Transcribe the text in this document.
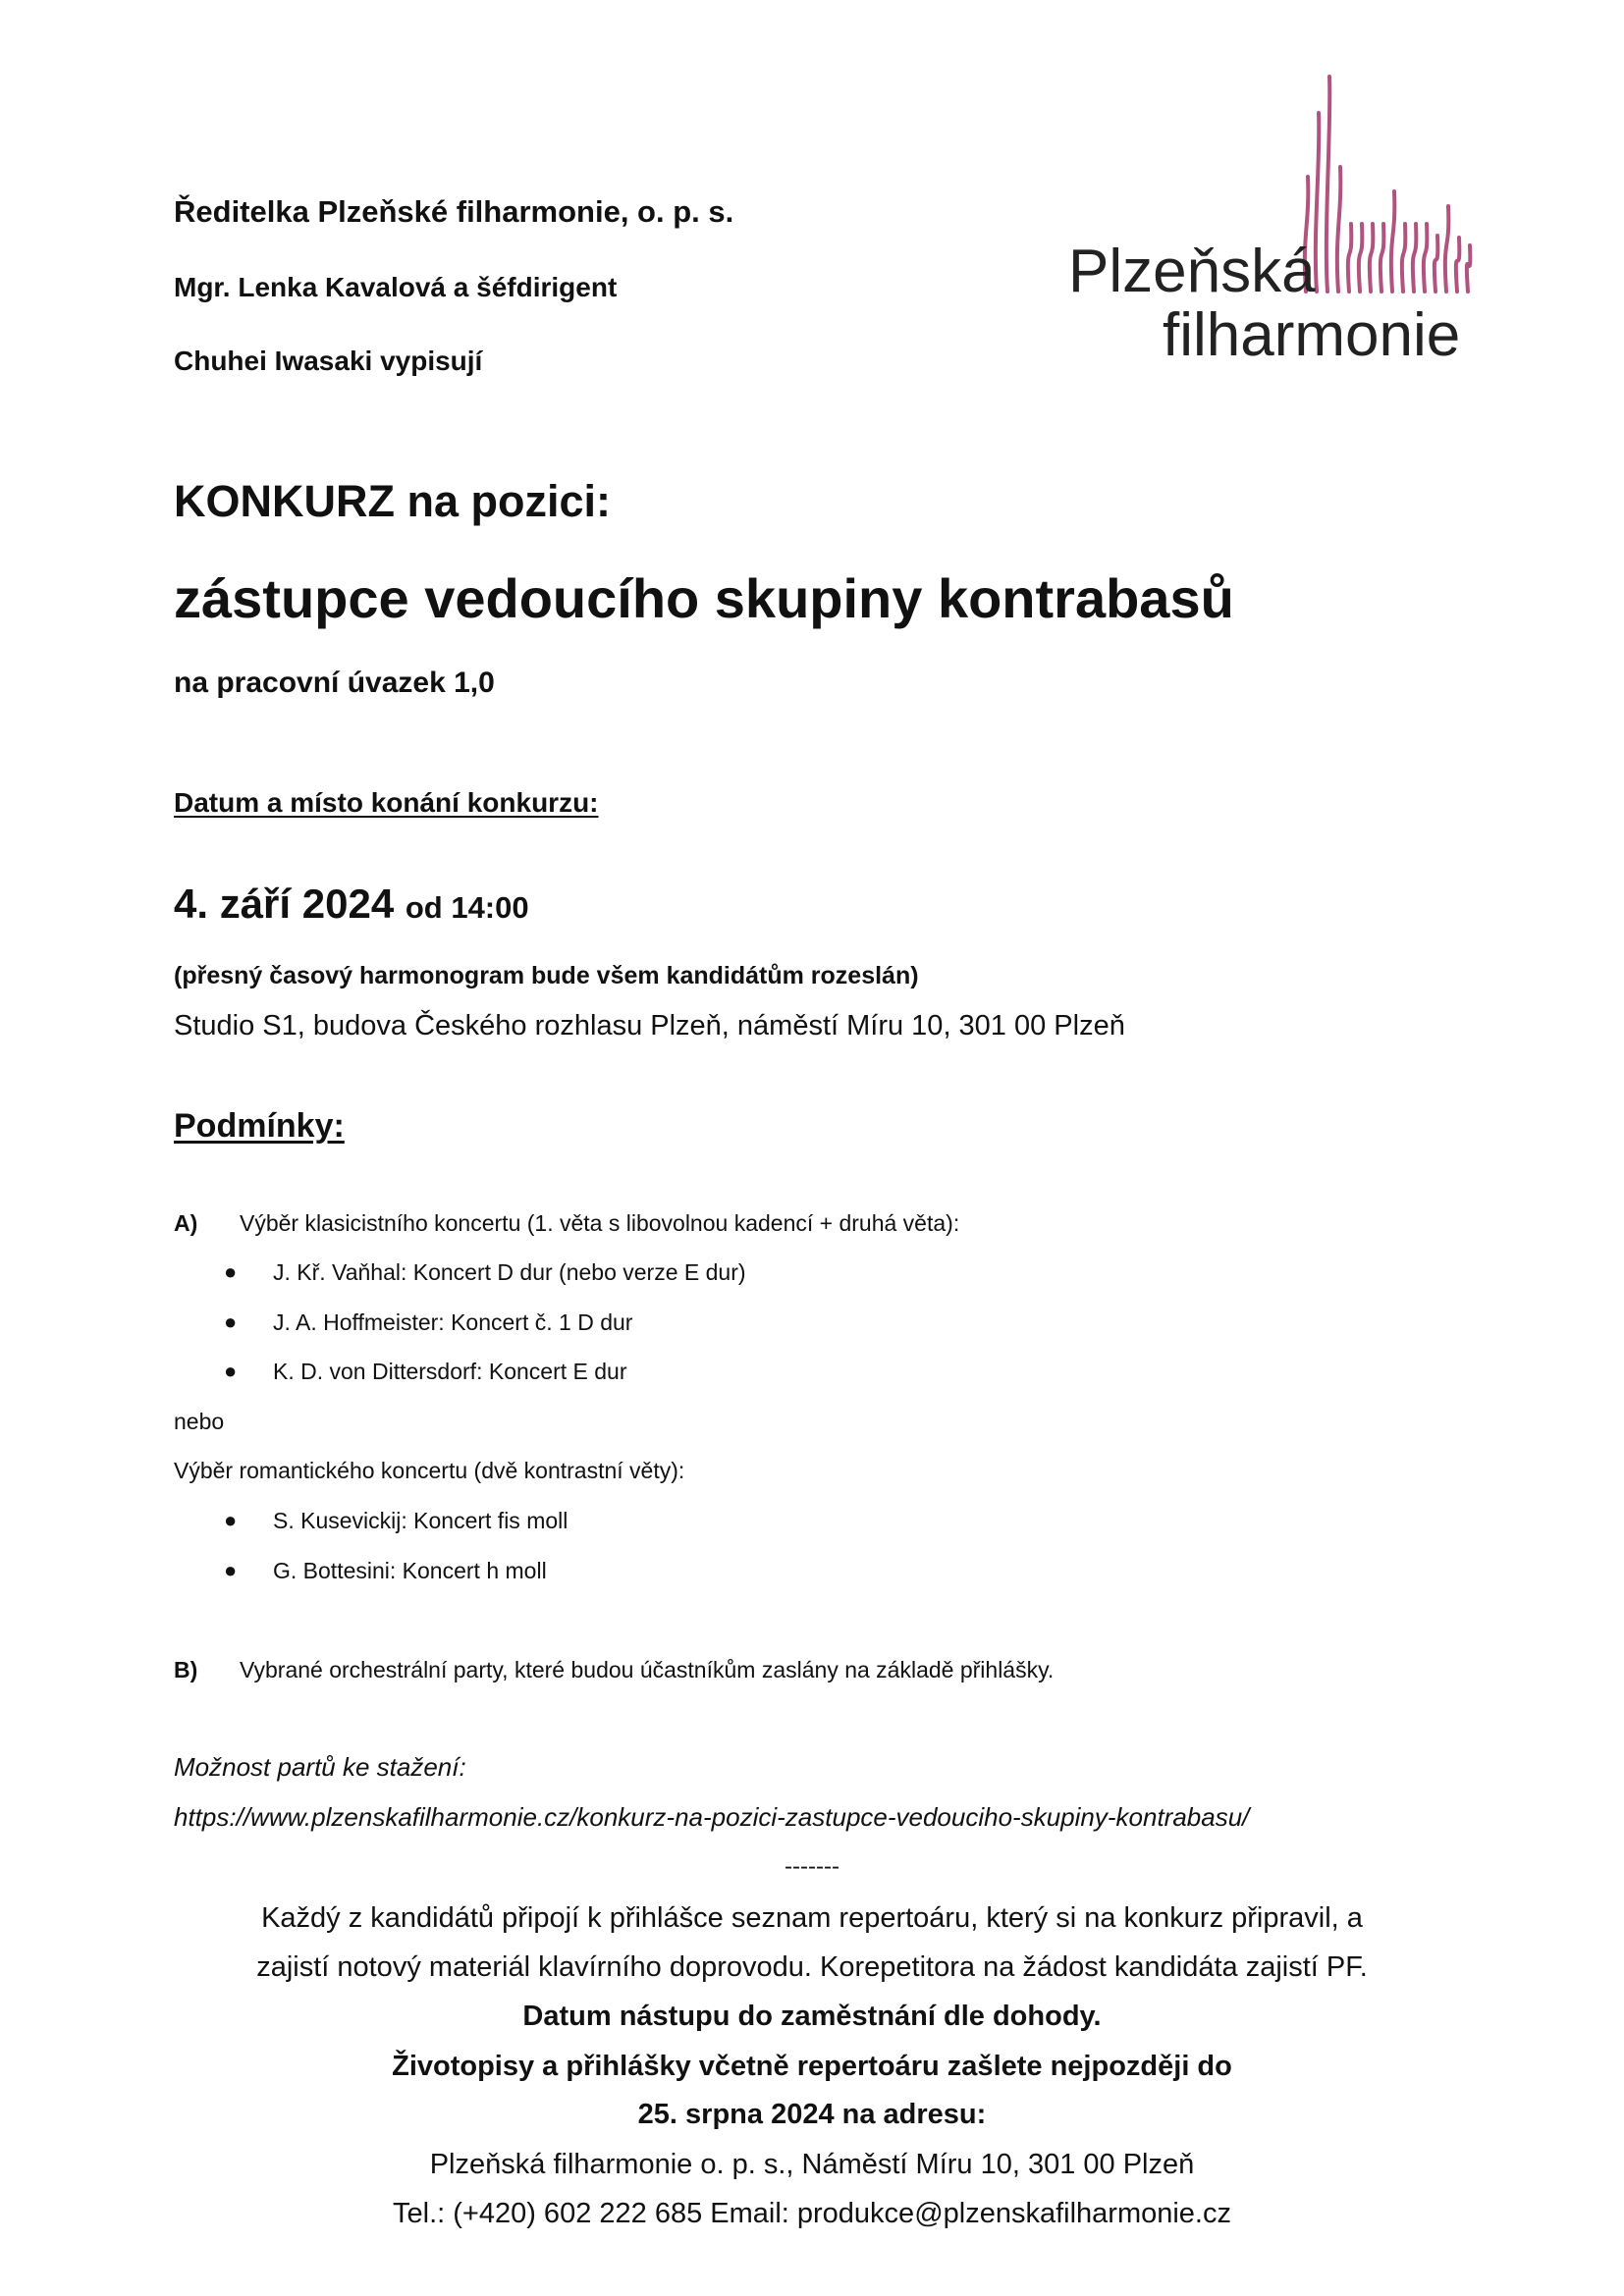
Plzeňská
filharmonie
Ředitelka Plzeňské filharmonie, o. p. s.
Mgr. Lenka Kavalová a šéfdirigent
Chuhei Iwasaki vypisují
KONKURZ na pozici:
zástupce vedoucího skupiny kontrabasů
na pracovní úvazek 1,0
Datum a místo konání konkurzu:
4. září 2024 od 14:00
(přesný časový harmonogram bude všem kandidátům rozeslán)
Studio S1, budova Českého rozhlasu Plzeň, náměstí Míru 10, 301 00 Plzeň
Podmínky:
A) Výběr klasicistního koncertu (1. věta s libovolnou kadencí + druhá věta):
● J. Kř. Vaňhal: Koncert D dur (nebo verze E dur)
● J. A. Hoffmeister: Koncert č. 1 D dur
● K. D. von Dittersdorf: Koncert E dur
nebo
Výběr romantického koncertu (dvě kontrastní věty):
● S. Kusevickij: Koncert fis moll
● G. Bottesini: Koncert h moll
B) Vybrané orchestrální party, které budou účastníkům zaslány na základě přihlášky.
Možnost partů ke stažení:
https://www.plzenskafilharmonie.cz/konkurz-na-pozici-zastupce-vedouciho-skupiny-kontrabasu/
-------
Každý z kandidátů připojí k přihlášce seznam repertoáru, který si na konkurz připravil, a
zajistí notový materiál klavírního doprovodu. Korepetitora na žádost kandidáta zajistí PF.
Datum nástupu do zaměstnání dle dohody.
Životopisy a přihlášky včetně repertoáru zašlete nejpozději do
25. srpna 2024 na adresu:
Plzeňská filharmonie o. p. s., Náměstí Míru 10, 301 00 Plzeň
Tel.: (+420) 602 222 685 Email: produkce@plzenskafilharmonie.cz
